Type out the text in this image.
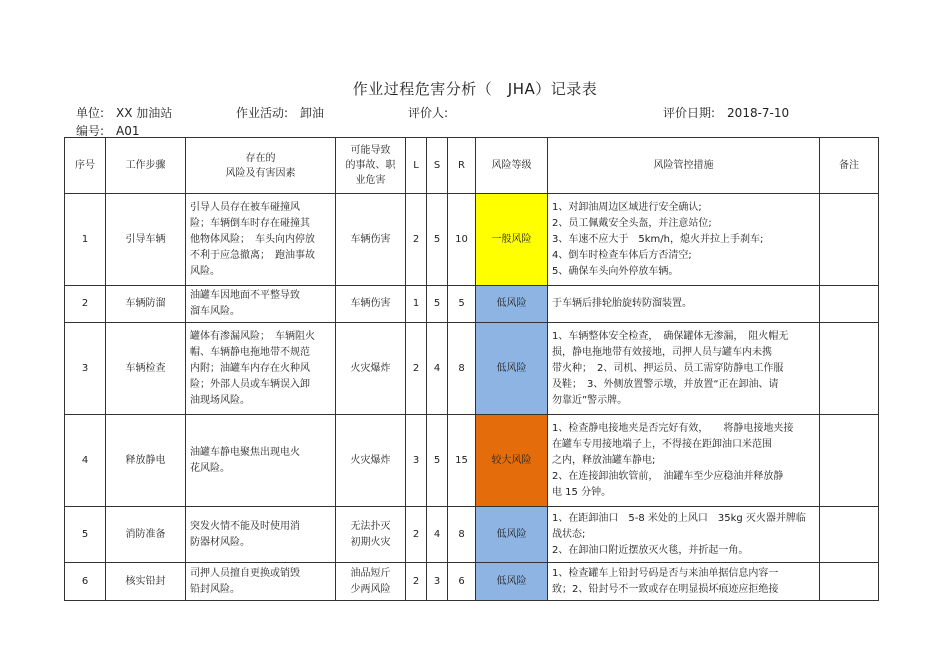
作业过程危害分析（　JHA）记录表
单位:　XX 加油站	作业活动:　卸油	评价人:	评价日期:　2018-7-10
编号:　A01
序号	工作步骤	存在的
风险及有害因素	可能导致
的事故、职
业危害	L	S	R	风险等级	风险管控措施	备注
1	引导车辆	引导人员存在被车碰撞风
险；车辆倒车时存在碰撞其
他物体风险；　车头向内停放
不利于应急撤离；　跑油事故
风险。	车辆伤害	2	5	10	一般风险	1、对卸油周边区域进行安全确认;
2、员工佩戴安全头盔，并注意站位;
3、车速不应大于　5km/h，熄火并拉上手刹车;
4、倒车时检查车体后方否清空;
5、确保车头向外停放车辆。	
2	车辆防溜	油罐车因地面不平整导致
溜车风险。	车辆伤害	1	5	5	低风险	于车辆后排轮胎旋转防溜装置。	
3	车辆检查	罐体有渗漏风险；　车辆阻火
帽、车辆静电拖地带不规范
内附；油罐车内存在火种风
险；外部人员或车辆误入卸
油现场风险。	火灾爆炸	2	4	8	低风险	1、车辆整体安全检查，　确保罐体无渗漏，　阻火帽无
损，静电拖地带有效接地，司押人员与罐车内未携
带火种；　2、司机、押运员、员工需穿防静电工作服
及鞋；　3、外侧放置警示墩，并放置“正在卸油、请
勿靠近”警示牌。	
4	释放静电	油罐车静电聚焦出现电火
花风险。	火灾爆炸	3	5	15	较大风险	1、检查静电接地夹是否完好有效，　　将静电接地夹接
在罐车专用接地端子上，不得接在距卸油口米范围
之内，释放油罐车静电;
2、在连接卸油软管前，　油罐车至少应稳油并释放静
电 15 分钟。	
5	消防准备	突发火情不能及时使用消
防器材风险。	无法扑灭
初期火灾	2	4	8	低风险	1、在距卸油口　5-8 米处的上风口　35kg 灭火器并牌临
战状态;
2、在卸油口附近摆放灭火毯，并折起一角。	
6	核实铅封	司押人员擅自更换或销毁
铅封风险。	油品短斤
少两风险	2	3	6	低风险	1、检查罐车上铅封号码是否与来油单据信息内容一
致；2、铅封号不一致或存在明显损坏痕迹应拒绝接	
